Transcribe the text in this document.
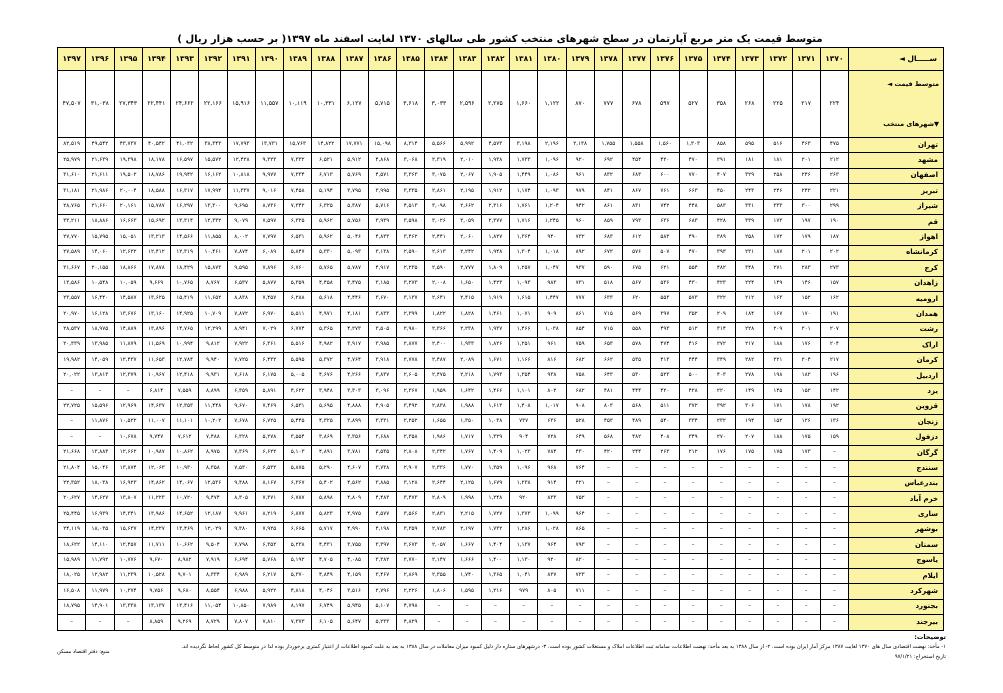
متوسط قیمت یک متر مربع آپارتمان در سطح شهرهای منتخب کشور طی سالهای ۱۳۷۰ لغایت اسفند ماه ۱۳۹۷( بر حسب هزار ریال )
ســـــال ◄	۱۳۷۰	۱۳۷۱	۱۳۷۲	۱۳۷۳	۱۳۷۴	۱۳۷۵	۱۳۷۶	۱۳۷۷	۱۳۷۸	۱۳۷۹	۱۳۸۰	۱۳۸۱	۱۳۸۲	۱۳۸۳	۱۳۸۴	۱۳۸۵	۱۳۸۶	۱۳۸۷	۱۳۸۸	۱۳۸۹	۱۳۹۰	۱۳۹۱	۱۳۹۲	۱۳۹۳	۱۳۹۴	۱۳۹۵	۱۳۹۶	۱۳۹۷

متوسط قیمت ◄
▼شهرهای منتخب	۲۲۴	۲۱۷	۲۲۵	۲۶۸	۳۵۸	۵۲۷	۵۹۷	۶۷۸	۷۷۷	۸۷۰	۱,۱۲۲	۱,۶۶۰	۲,۲۷۵	۲,۵۹۶	۳,۰۳۳	۳,۶۱۸	۵,۷۱۵	۶,۱۲۷	۱۰,۳۳۱	۱۰,۱۱۹	۱۱,۵۵۷	۱۵,۹۱۶	۲۲,۱۶۶	۲۴,۶۶۲	۲۲,۴۴۱	۲۷,۳۴۳	۳۱,۰۳۸	۴۷,۵۰۷
تهران	۴۷۵	۴۶۳	۵۱۶	۵۹۵	۸۵۸	۱,۳۰۳	۱,۵۶۰	۱,۵۵۸	۱,۷۵۵	۲,۱۳۸	۲,۱۹۶	۳,۱۹۸	۴,۵۷۳	۵,۹۹۲	۵,۵۶۶	۸,۳۱۴	۱۵,۰۹۸	۱۷,۷۷۱	۱۴,۸۲۲	۱۵,۷۶۳	۱۳,۷۳۱	۱۷,۷۹۳	۳۸,۳۴۳	۴۱,۰۳۲	۴۰,۵۴۲	۴۳,۷۳۷	۴۹,۵۴۲	۸۲,۵۱۹
مشهد	۲۱۲	۲۰۱	۱۸۱	۱۸۱	۲۹۱	۴۷۰	۴۲۰	۴۵۴	۶۹۲	۹۲۰	۱,۰۹۶	۱,۷۳۳	۱,۹۳۸	۲,۰۱۰	۲,۳۱۹	۳,۰۶۸	۴,۸۶۸	۵,۹۱۲	۶,۵۲۱	۷,۳۳۲	۹,۳۲۳	۱۲,۴۲۸	۱۵,۵۷۲	۱۶,۵۹۷	۱۸,۱۷۸	۱۹,۳۹۸	۲۱,۶۳۹	۲۵,۹۷۹
اصفهان	۲۶۳	۲۴۶	۲۵۸	۳۲۹	۴۰۷	۷۷۰	۶۰۰	۶۸۳	۸۳۲	۹۶۱	۱,۰۸۶	۱,۴۴۹	۱,۹۰۵	۲,۰۶۷	۳,۰۷۵	۳,۳۶۳	۴,۵۷۱	۵,۷۶۹	۶,۷۱۳	۷,۳۳۴	۹,۹۷۷	۱۰,۸۱۸	۱۶,۱۶۲	۱۹,۹۴۲	۱۸,۷۸۶	۱۹,۵۰۲	۲۱,۶۱۱	۳۱,۶۱۰
تبریز	۲۲۱	۲۴۲	۲۴۶	۲۴۳	۴۵۰	۶۶۳	۷۶۱	۸۶۷	۸۴۱	۹۷۹	۱,۰۹۳	۱,۱۷۴	۱,۹۱۲	۲,۱۹۵	۲,۸۶۱	۳,۳۳۵	۳,۹۹۵	۳,۷۹۵	۵,۱۹۴	۷,۴۵۸	۹,۰۱۶	۱۱,۳۳۷	۱۷,۹۹۴	۱۶,۳۱۷	۱۸,۵۸۸	۲۰,۰۰۴	۲۱,۹۸۶	۳۱,۱۸۱
شیراز	۲۹۹	۳۰۰	۳۳۳	۳۳۱	۵۸۳	۴۴۸	۷۴۲	۸۳۱	۸۶۱	۹۴۲	۱,۲۰۴	۱,۷۶۱	۲,۳۱۶	۲,۶۶۲	۳,۰۹۸	۴,۵۱۳	۵,۷۱۶	۵,۳۸۷	۶,۳۲۵	۷,۳۴۲	۸,۷۳۶	۹,۶۹۵	۱۳,۳۰۰	۱۶,۲۹۷	۱۵,۷۸۷	۲۰,۱۶۱	۲۱,۶۶۰	۲۸,۷۶۵
قم	۱۹۰	۱۹۷	۱۷۳	۳۳۹	۴۲۸	۶۸۳	۶۳۶	۷۹۳	۸۵۹	۹۶۰	۱,۲۴۵	۱,۷۱۶	۲,۳۷۷	۳,۰۵۹	۳,۰۲۶	۳,۵۹۸	۳,۹۳۹	۵,۷۵۶	۵,۹۶۲	۶,۳۲۵	۷,۵۹۷	۹,۰۷۹	۱۲,۳۳۲	۱۳,۳۱۴	۱۵,۶۹۲	۱۶,۶۶۳	۱۸,۸۸۶	۳۳,۲۱۱
اهواز	۱۸۷	۱۷۹	۱۷۲	۲۵۸	۳۸۹	۴۹۰	۵۸۳	۶۱۲	۶۸۳	۷۳۲	۹۴۰	۱,۳۶۴	۱,۸۲۷	۲,۰۶۰	۲,۴۴۱	۳,۴۶۲	۴,۸۳۳	۵,۰۴۶	۵,۹۶۲	۶,۵۳۱	۷,۷۹۷	۸,۰۰۲	۱۱,۸۵۵	۱۴,۵۶۶	۱۳,۲۱۳	۱۵,۰۵۱	۱۵,۷۹۵	۲۷,۷۷۰
کرمانشاه	۲۰۲	۲۰۱	۱۸۷	۲۳۱	۳۹۳	۴۷۰	۵۰۷	۵۷۶	۶۷۲	۸۹۲	۱,۰۱۸	۱,۳۰۴	۱,۹۴۸	۲,۲۴۲	۲,۶۱۳	۲,۵۹۰	۳,۱۳۸	۵,۰۹۳	۵,۳۳۰	۵,۸۴۷	۶,۰۸۹	۷,۸۷۴	۱۰,۴۶۱	۱۲,۳۱۹	۱۲,۴۱۲	۱۲,۶۳۲	۱۴,۰۶۰	۲۷,۵۸۹
کرج	۲۷۳	۲۸۳	۲۷۱	۳۴۸	۴۸۲	۵۵۴	۶۲۱	۶۷۵	۵۹۰	۹۳۷	۱,۰۴۷	۱,۲۵۷	۱,۸۰۹	۲,۷۷۷	۲,۵۹۰	۲,۲۳۵	۴,۹۱۷	۵,۷۸۷	۵,۷۶۵	۶,۷۶۰	۷,۸۹۶	۹,۵۹۵	۱۵,۸۷۳	۱۸,۴۲۹	۱۷,۸۷۸	۱۸,۸۶۶	۲۰,۱۵۵	۳۱,۶۶۷
زاهدان	۱۵۷	۱۴۶	۱۴۹	۲۲۴	۴۲۳	۴۳۰	۵۳۶	۵۶۷	۵۱۸	۷۳۱	۹۸۳	۱,۰۹۳	۱,۴۲۳	۱,۶۵۰	۲,۰۰۸	۳,۲۷۳	۳,۱۸۵	۳,۴۷۵	۴,۴۵۸	۵,۳۵۹	۵,۸۷۷	۶,۵۳۷	۸,۷۶۷	۱۰,۷۶۵	۹,۶۶۹	۱۰,۰۵۹	۱۰,۵۴۸	۱۳,۵۸۶
ارومیه	۱۶۲	۱۵۲	۱۶۳	۲۱۲	۳۲۲	۵۷۳	۵۵۳	۶۲۰	۶۳۳	۷۷۷	۱,۴۴۷	۱,۶۱۵	۱,۹۱۹	۲,۴۱۵	۲,۶۴۱	۳,۱۳۷	۳,۶۷۰	۴,۴۴۶	۵,۶۱۸	۶,۲۸۸	۷,۴۵۷	۸,۸۳۸	۱۱,۶۵۲	۱۵,۴۱۹	۱۳,۶۲۵	۱۴,۵۸۷	۱۶,۴۴۰	۲۳,۵۵۷
همدان	۱۹۱	۱۷۰	۱۶۷	۱۸۴	۲۰۹	۳۵۲	۳۹۷	۵۶۹	۷۱۵	۸۶۱	۹۰۹	۱,۰۷۱	۱,۴۶۱	۱,۸۲۸	۱,۸۲۲	۲,۳۹۹	۳,۸۳۳	۴,۱۸۱	۴,۹۷۱	۵,۵۱۱	۶,۹۷۰	۷,۸۷۲	۱۰,۷۰۹	۱۴,۹۲۵	۱۳,۱۶۰	۱۳,۶۷۶	۱۶,۱۲۸	۲۰,۹۷۰
رشت	۲۰۷	۲۰۱	۲۰۹	۲۲۸	۳۱۴	۵۱۲	۴۹۳	۵۵۸	۷۱۵	۸۵۴	۱,۰۳۸	۱,۴۶۶	۱,۹۳۷	۲,۲۳۸	۲,۳۶۶	۲,۹۸۰	۳,۵۰۵	۴,۲۷۳	۵,۳۶۵	۶,۷۷۴	۷,۰۲۹	۸,۹۴۱	۱۲,۲۹۹	۱۴,۷۶۵	۱۳,۸۹۶	۱۴,۸۸۹	۱۸,۹۷۵	۲۸,۵۳۷
اراک	۲۰۴	۱۷۶	۱۸۸	۲۱۷	۲۷۲	۴۱۶	۴۷۴	۵۷۸	۶۵۳	۷۵۹	۹۶۱	۱,۲۵۱	۱,۸۲۶	۱,۹۳۳	۲,۴۰۰	۲,۸۷۷	۳,۹۸۵	۳,۹۱۷	۴,۹۸۲	۵,۵۱۶	۶,۳۶۱	۷,۹۲۲	۹,۸۱۲	۱۰,۹۹۴	۱۱,۵۶۹	۱۱,۸۷۹	۱۳,۹۸۵	۲۰,۳۳۹
کرمان	۲۱۷	۲۰۴	۲۲۱	۲۸۲	۳۴۹	۴۴۴	۴۱۳	۵۳۵	۶۶۲	۶۸۲	۸۱۶	۱,۱۶۶	۱,۶۷۱	۲,۰۸۹	۲,۴۸۷	۲,۷۷۸	۳,۹۱۸	۴,۷۶۴	۵,۳۷۲	۵,۵۹۵	۶,۴۳۲	۷,۷۲۵	۹,۹۴۰	۱۲,۷۸۴	۱۱,۶۵۳	۱۲,۴۳۷	۱۴,۰۵۹	۱۹,۹۸۲
اردبیل	۱۹۶	۱۸۲	۱۹۸	۲۷۸	۴۰۳	۵۰۰	۵۲۳	۵۳۰	۶۴۳	۷۵۸	۹۳۸	۱,۳۵۴	۱,۷۹۳	۲,۲۱۸	۲,۴۷۵	۲,۶۰۵	۳,۸۳۷	۴,۲۶۶	۴,۶۷۶	۵,۰۰۵	۶,۱۷۵	۷,۶۱۸	۹,۹۳۱	۱۲,۴۱۸	۱۰,۹۶۷	۱۲,۳۷۹	۱۳,۸۱۳	۲۰,۰۲۲
یزد	۱۴۲	۱۵۲	۱۴۵	۱۴۹	۲۲۰	۴۲۸	۴۲۰	۴۴۴	۴۸۱	۶۸۲	۸۰۲	۱,۱۰۱	۱,۴۶۶	۱,۶۴۲	۱,۹۵۹	۲,۳۶۷	۳,۰۹۶	۳,۳۰۳	۳,۹۴۸	۴,۶۲۲	۵,۸۹۱	۶,۳۵۹	۸,۸۹۹	۷,۵۵۹	۶,۸۱۴	–	–	–
قزوین	۱۹۲	۱۷۸	۱۷۱	۳۰۶	۳۹۲	۳۷۲	۵۱۱	۵۶۸	۸۰۳	۹۰۸	۱,۰۱۷	۱,۴۰۸	۱,۶۱۳	۱,۹۸۸	۲,۸۳۸	۳,۴۹۲	۴,۹۰۵	۴,۸۸۸	۵,۶۹۵	۶,۵۳۱	۷,۴۶۹	۹,۶۷۰	۱۱,۴۴۸	۱۲,۳۵۳	۱۴,۶۳۷	۱۲,۹۶۹	۱۵,۵۹۶	۲۲,۷۲۵
زنجان	۱۳۶	۱۲۶	۱۵۲	۱۹۴	۲۳۲	۳۳۴	۵۴۰	۴۸۹	۴۵۳	۵۲۸	۶۳۶	۷۳۷	۱,۰۳۸	۱,۳۵۰	۱,۶۵۵	۲,۲۵۲	۳,۳۳۱	۳,۸۹۹	۴,۳۲۵	۵,۴۴۵	۶,۷۲۵	۷,۶۷۸	۱۰,۲۰۲	۱۱,۱۰۱	۱۱,۰۰۷	۱۰,۵۲۲	۱۱,۸۷۶	–
دزفول	۱۵۹	۱۷۵	۱۸۸	۲۰۷	۲۷۰	۳۴۹	۴۰۸	۴۸۲	۵۶۸	۶۴۹	۷۲۸	۹۰۴	۱,۳۲۹	۱,۷۱۷	۱,۹۸۶	۲,۳۵۸	۲,۶۸۸	۳,۳۵۶	۳,۸۶۹	۳,۵۵۴	۵,۲۷۸	۶,۳۲۸	۷,۴۸۸	۷,۶۱۲	۹,۷۴۷	۱۰,۶۷۸	–	–
گرگان	–	۱۷۳	۱۷۵	۱۷۵	۱۷۶	۲۱۲	۲۶۳	۲۴۴	۴۲۰	۴۳۰	۷۸۴	۱,۰۲۳	۱,۴۰۹	۱,۷۶۷	۲,۳۴۲	۲,۸۰۸	۳,۵۳۵	۳,۷۸۱	۴,۸۹۱	۵,۱۰۳	۶,۶۲۲	۷,۳۶۹	۸,۹۷۵	۱۰,۸۶۲	۱۰,۹۸۷	۱۲,۶۶۲	۱۳,۸۸۳	۲۱,۶۶۸
سنندج	–	–	–	–	–	–	–	–	–	۷۶۴	۹۶۸	۱,۰۹۶	۱,۳۵۹	۱,۷۷۰	۲,۳۳۶	۲,۹۰۷	۳,۷۳۸	۴,۶۰۷	۵,۲۹۰	۵,۸۷۵	۶,۵۳۲	۷,۵۳۰	۸,۳۵۸	۱۰,۹۳۰	۱۲,۰۶۳	۱۳,۸۷۴	۱۵,۰۴۶	۲۱,۸۰۴
بندرعباس	–	–	–	–	–	–	–	–	–	۴۲۱	۹۱۴	۱,۲۳۸	۱,۶۷۹	۲,۱۲۵	۲,۶۴۴	۳,۱۲۸	۳,۸۸۵	۴,۵۶۲	۵,۴۰۲	۶,۳۶۷	۸,۱۶۷	۹,۴۸۸	۱۲,۵۳۶	۱۴,۰۶۷	۱۴,۸۶۲	۱۶,۹۲۳	۱۸,۰۳۸	۲۲,۳۵۲
خرم آباد	–	–	–	–	–	–	–	–	–	۷۵۲	۸۳۳	۹۲۰	۱,۲۴۸	۱,۹۹۸	۲,۸۰۹	۳,۴۷۳	۴,۴۸۳	۴,۸۰۹	۵,۸۹۸	۶,۷۸۷	۷,۳۷۱	۸,۳۰۵	۹,۴۷۴	۱۰,۷۲۰	۱۱,۲۲۳	۱۳,۸۰۷	۱۴,۶۲۷	۲۰,۶۲۷
ساری	–	–	–	–	–	–	–	–	–	۹۶۴	۱,۰۹۹	۱,۳۷۳	۱,۷۲۷	۲,۲۱۵	۲,۸۳۱	۳,۵۶۶	۴,۵۷۷	۴,۹۷۵	۵,۸۲۳	۶,۸۷۷	۸,۲۱۹	۹,۹۶۱	۱۲,۱۸۷	۱۴,۶۵۲	۱۳,۹۸۶	۱۴,۳۴۱	۱۶,۹۳۹	۲۵,۴۴۵
بوشهر	–	–	–	–	–	–	–	–	–	۸۶۵	۱,۰۲۸	۱,۲۸۶	۱,۷۳۲	۲,۱۹۷	۲,۷۸۳	۳,۳۵۹	۴,۱۹۸	۴,۹۹۰	۵,۷۱۷	۶,۶۶۵	۷,۹۲۵	۹,۳۸۰	۱۲,۰۲۹	۱۳,۴۶۹	۱۴,۲۲۷	۱۵,۶۳۷	۱۸,۰۳۵	۲۴,۱۱۹
سمنان	–	–	–	–	–	–	–	–	–	۷۹۳	۹۶۴	۱,۱۳۷	۱,۴۰۴	۱,۶۶۷	۲,۰۵۷	۲,۶۷۳	۳,۳۹۷	۳,۷۵۵	۴,۴۳۱	۵,۲۳۸	۶,۳۵۲	۷,۷۹۸	۹,۵۰۴	۱۰,۶۶۲	۱۱,۷۱۱	۱۲,۴۵۷	۱۴,۱۱۰	۱۸,۶۲۲
یاسوج	–	–	–	–	–	–	–	–	–	۸۲۰	۹۲۰	۱,۱۳۰	۱,۴۰۰	۱,۶۶۶	۲,۱۴۷	۲,۷۷۰	۳,۳۸۲	۴,۰۸۵	۴,۷۰۵	۵,۱۹۲	۵,۷۶۸	۶,۶۹۴	۷,۹۱۹	۸,۹۸۲	۹,۶۷۰	۱۰,۷۷۶	۱۱,۷۹۲	۱۵,۹۸۹
ایلام	–	–	–	–	–	–	–	–	–	۷۲۳	۸۲۷	۱,۰۴۱	۱,۳۶۵	۱,۷۴۰	۲,۳۵۵	۲,۸۶۹	۳,۴۶۷	۴,۱۵۹	۴,۸۴۹	۵,۳۷۰	۶,۲۱۷	۶,۹۸۹	۸,۳۳۴	۹,۷۰۱	۱۰,۵۲۸	۱۱,۲۳۹	۱۲,۹۸۲	۱۸,۰۲۵
شهرکرد	–	–	–	–	–	–	–	–	–	۷۱۱	۸۰۵	۹۷۹	۱,۲۱۶	۱,۵۹۵	۱,۸۰۶	۲,۲۲۶	۲,۷۹۶	۳,۵۱۶	۴,۰۴۶	۴,۸۱۸	۵,۹۲۲	۶,۹۸۸	۸,۵۵۴	۹,۶۸۰	۹,۷۵۶	۱۰,۳۷۴	۱۱,۹۷۹	۱۶,۵۰۸
بجنورد	–	–	–	–	–	–	–	–	–	–	–	–	–	–	–	۴,۷۹۸	۵,۱۰۷	۵,۹۴۵	۶,۷۴۹	۸,۱۹۷	۷,۹۸۹	۱۰,۸۵۰	۱۱,۰۵۴	۱۳,۴۱۶	۱۳,۱۳۷	۱۳,۳۳۸	۱۴,۹۰۱	۱۸,۷۹۵
بیرجند	–	–	–	–	–	–	–	–	–	–	–	–	–	–	–	۴,۸۲۹	۵,۲۳۳	۵,۶۴۷	۶,۱۰۵	۷,۳۷۳	۷,۸۱۰	۷,۸۰۷	۸,۷۲۹	۹,۲۶۹	۸,۸۵۹	–	–	–
توضیحات:
۱- مأخذ: نهضت اقتصادی سال های ۱۳۷۰ لغایت ۱۳۸۷ مرکز آمار ایران بوده است. ۲- از سال ۱۳۸۸ به بعد مأخذ: نهضت اطلاعات، سامانه ثبت اطلاعات املاک و مستغلات کشور بوده است. ۳- درشهرهای ستاره دار دلیل کمبود میزان معاملات در سال ۱۳۸۸ به بعد به علت کمبود اطلاعات از اعتبار کمتری برخوردار بوده لذا در متوسط کل کشور لحاظ نگردیده اند.
تاریخ استخراج: ۹۷/۱/۲۱
منبع: دفتر اقتصاد مسکن
